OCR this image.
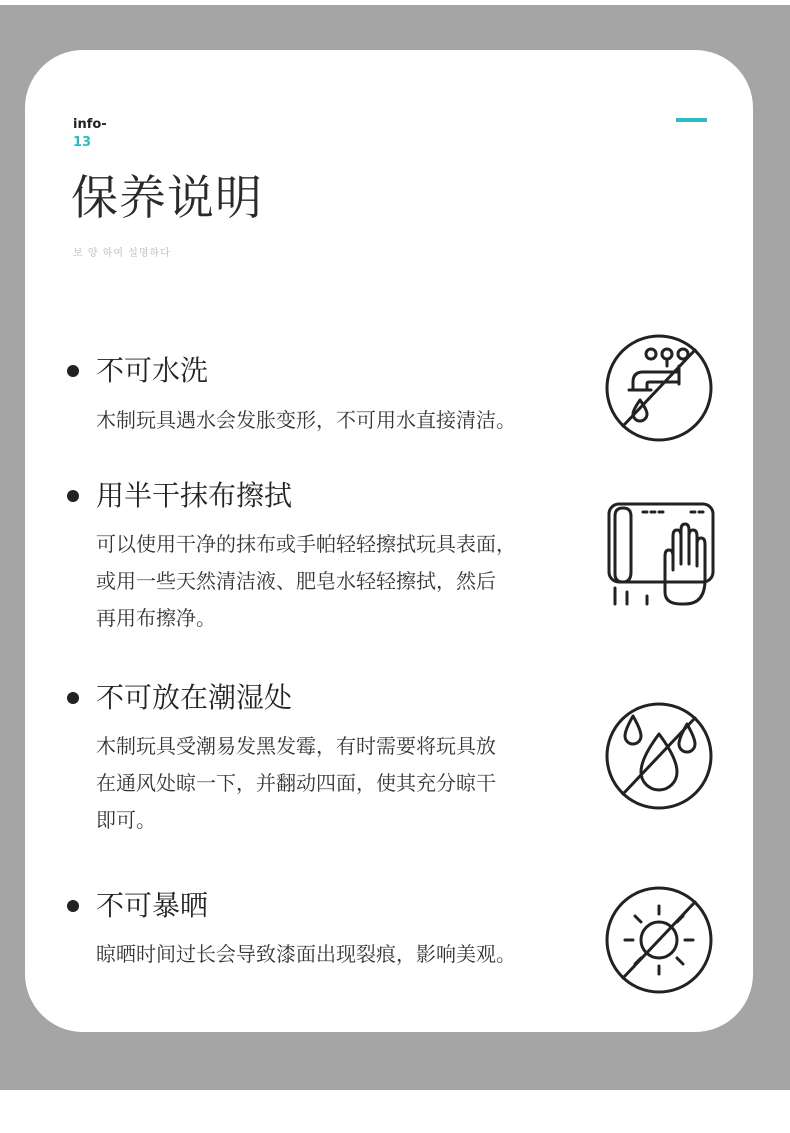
info-
13
保养说明
보 양 하여 설명하다
不可水洗
木制玩具遇水会发胀变形，不可用水直接清洁。
用半干抹布擦拭
可以使用干净的抹布或手帕轻轻擦拭玩具表面，
或用一些天然清洁液、肥皂水轻轻擦拭，然后
再用布擦净。
不可放在潮湿处
木制玩具受潮易发黑发霉，有时需要将玩具放
在通风处晾一下，并翻动四面，使其充分晾干
即可。
不可暴晒
晾晒时间过长会导致漆面出现裂痕，影响美观。
